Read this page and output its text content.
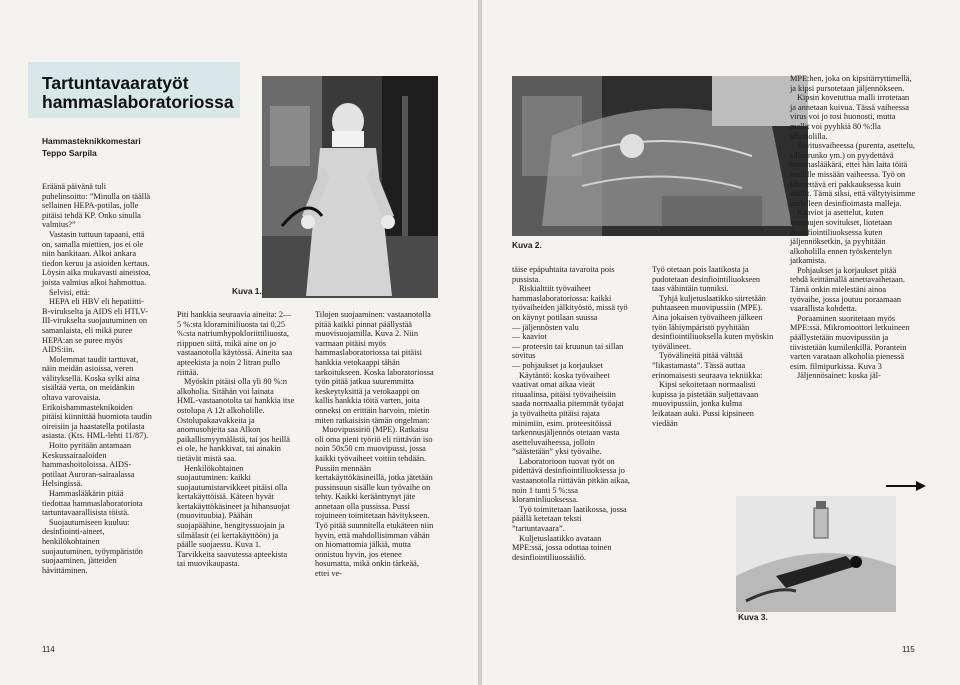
Tartuntavaaratyöt
hammaslaboratoriossa
Hammasteknikkomestari
Teppo Sarpila

Eräänä päivänä tuli puhelinsoitto: ”Minulla on täällä sellainen HEPA-potilas, jolle pitäisi tehdä KP. Onko sinulla valmius?”

Vastasin tuttuun tapaani, että on, samalla miettien, jos ei ole niin hankitaan. Alkoi ankara tiedon keruu ja asioiden kertaus. Löysin aika mukavasti aineistoa, joista valmius alkoi hahmottua.

Selvisi, että:

HEPA eli HBV eli hepatiitti-B-virukselta ja AIDS eli HTLV-III-virukselta suojautuminen on samanlaista, eli mikä puree HEPA:an se puree myös AIDS:iin.

Molemmat taudit tarttuvat, näin meidän asioissa, veren välityksellä. Koska sylki aina sisältää verta, on meidänkin oltava varovaisia. Erikoishammasteknikoiden pitäisi kiinnittää huomiota taudin oireisiin ja haastatella potilasta asiasta. (Kts. HML-lehti 11/87).

Hoito pyritään antamaan Keskussairaaloiden hammashoitoloissa. AIDS-potilaat Auroran-sairaalassa Helsingissä.

Hammaslääkärin pitää tiedottaa hammaslaboratoriota tartuntavaarallisista töistä.

Suojautumiseen kuuluu: desinfiointi-aineet, henkilökohtainen suojautuminen, työympäristön suojaaminen, jätteiden hävittäminen.

Kuva 1.

Piti hankkia seuraavia aineita: 2—5 %:sta klorаminiliuosta tai 0,25 %:sta natriumhypokloriittiliuosta, riippuen siitä, mikä aine on jo vastaanotolla käytössä. Aineita saa apteekista ja noin 2 litran pullo riittää.

Myöskin pitäisi olla yli 80 %:n alkoholia. Sitähän voi lainata HML-vastaanotolta tai hankkia itse ostolupa A 12t alkoholille. Ostolupakaavakkeita ja anomusohjeita saa Alkon paikallismyymälästä, tai jos heillä ei ole, he hankkivat, tai ainakin tietävät mistä saa.

Henkilökohtainen suojautuminen: kaikki suojautumistarvikkeet pitäisi olla kertakäyttöisiä. Käteen hyvät kertakäyttökäsineet ja hihansuojat (muovituubia). Päähän suojapäähine, hengityssuojain ja silmälasit (ei kertakäyttöön) ja päälle suojaessu. Kuva 1. Tarvikkeita saavutessa apteekista tai muovikaupasta.

Tilojen suojaaminen: vastaanotolla pitää kaikki pinnat päällystää muovisuojamilla. Kuva 2. Niin varmaan pitäisi myös hammaslaboratoriossa tai pitäisi hankkia vetokaappi tähän tarkoitukseen. Koska laboratoriossa työn pitää jatkua suuremmitta keskeytyksittä ja vetokaappi on kallis hankkia töitä varten, joita onneksi on erittäin harvoin, mietin miten ratkaisisin tämän ongelman:

Muovipussiriö (MPE). Ratkaisu oli oma pieni työriö eli riittävän iso noin 50x50 cm muovipussi, jossa kaikki työvaiheet voitiin tehdään. Pussiin mennään kertakäyttökäsineillä, jotka jätetään pussinsuun sisälle kun työvaihe on tehty. Kaikki keräänttynyt jäte annetaan olla pussissa. Pussi rojuineen toimitetaan hävitykseen. Työ pitää suunnitella etukäteen niin hyvin, että mahdollisimman vähän on hiomattomia jälkiä, mutta onnistuu hyvin, jos etenee hosumatta, mikä onkin tärkeää, ettei ve-

114
Kuva 2.

täise epäpuhtaita tavaroita pois pussista.

Riskialttiit työvaiheet hammaslaboratoriossa: kaikki työvaiheiden jälkityöstö, missä työ on käynyt potilaan suussa

— jäljennösten valu

— kaaviot

— proteesin tai kruunun tai sillan sovitus

— pohjaukset ja korjaukset

Käytäntö: koska työvaiheet vaativat omat aikaa vieät rituaalinsa, pitäisi työvaiheisiin saada normaalia pitemmät työajat ja työvaiheita pitäisi rajata minimiin, esim. proteesitöissä tarkennusjäljennös otetaan vasta asetteluvaiheessa, jolloin ”säästetään” yksi työvaihe.

Laboratorioon tuovat työt on pidettävä desinfiointiliuoksessa jo vastaanotolla riittävän pitkän aikaa, noin 1 tunti 5 %:ssa kloraminliuoksessa.

Työ toimitetaan laatikossa, jossa päällä ketetaan teksti ”tartuntavaara”.

Kuljetuslaatikko avataan MPE:ssä, jossa odottaa toinen desinfiointiliuossäiliö.

Työ otetaan pois laatikosta ja pudotetaan desinfiointiliuokseen taas vähintäin tunniksi.

Tyhjä kuljetuslaatikko siirretään puhtaaseen muovipussiin (MPE). Aina jokaisen työvaiheen jälkeen työn lähiympäristö pyyhitään desinfiointiliuoksella kuten myöskin työvälineet.

Työvälineitä pitää välttää ”likastamasta”. Tässä auttaa erinomaisesti seuraava tekniikka:

Kipsi sekoitetaan normaalisti kupissa ja pistetään suljettavaan muovipussiin, jonka kulma leikataan auki. Pussi kipsineen viedään

MPE:hen, joka on kipsitärryttimellä, ja kipsi pursotetaan jäljennökseen.

Kipsin kovetuttua malli irrotetaan ja annetaan kuivua. Tässä vaiheessa virus voi jo tosi huonosti, mutta mallit voi pyyhkiä 80 %:lla alkoholilla.

Sovitusvaiheessa (purenta, asettelu, sillanrunko ym.) on pyydettävä hammaslääkärä, ettei hän laita töitä mallille missään vaiheessa. Työ on lähetettävä eri pakkauksessa kuin mallit. Tämä siksi, että vältytyisimme uudelleen desinfioimasta malleja.

Kaaviot ja asettelut, kuten kruunujen sovitukset, liotetaan desinfiointiliuoksessa kuten jäljennöksetkin, ja pyyhitään alkoholilla ennen työskentelyn jatkamista.

Pohjaukset ja korjaukset pitää tehdä keittämällä ainettavaihetaan. Tämä onkin mielestäni ainoa työvaihe, jossa joutuu poraamaan vaarallista kohdetta.

Poraaminen suoritetaan myös MPE:ssä. Mikromoottori letkuineen päällystetään muovipussiin ja tiivistetään kumilenkillä. Porantein varten varataan alkoholia pienessä esim. filmipurkissa. Kuva 3

Jäljennösainet: koska jäl-

Kuva 3.
115
